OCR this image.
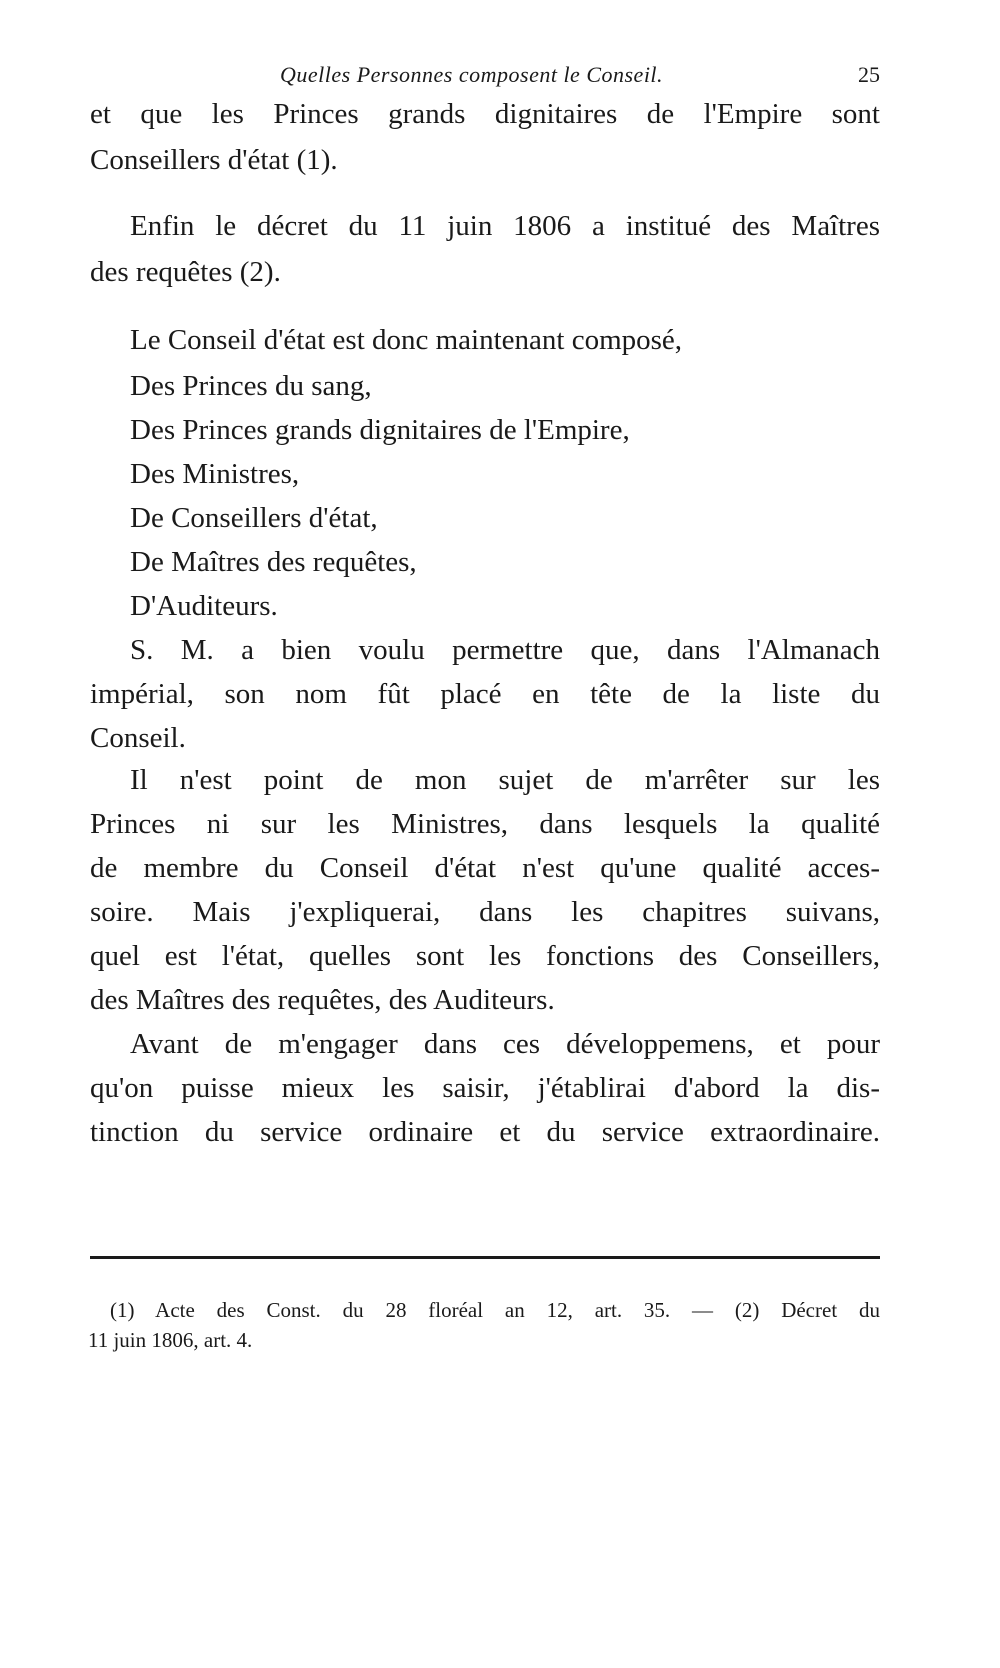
Quelles Personnes composent le Conseil.	25
et que les Princes grands dignitaires de l'Empire sont
Conseillers d'état (1).
Enfin le décret du 11 juin 1806 a institué des Maîtres
des requêtes (2).
Le Conseil d'état est donc maintenant composé,
Des Princes du sang,
Des Princes grands dignitaires de l'Empire,
Des Ministres,
De Conseillers d'état,
De Maîtres des requêtes,
D'Auditeurs.
S. M. a bien voulu permettre que, dans l'Almanach
impérial, son nom fût placé en tête de la liste du
Conseil.
Il n'est point de mon sujet de m'arrêter sur les
Princes ni sur les Ministres, dans lesquels la qualité
de membre du Conseil d'état n'est qu'une qualité acces-
soire. Mais j'expliquerai, dans les chapitres suivans,
quel est l'état, quelles sont les fonctions des Conseillers,
des Maîtres des requêtes, des Auditeurs.
Avant de m'engager dans ces développemens, et pour
qu'on puisse mieux les saisir, j'établirai d'abord la dis-
tinction du service ordinaire et du service extraordinaire.
(1) Acte des Const. du 28 floréal an 12, art. 35. — (2) Décret du
11 juin 1806, art. 4.
